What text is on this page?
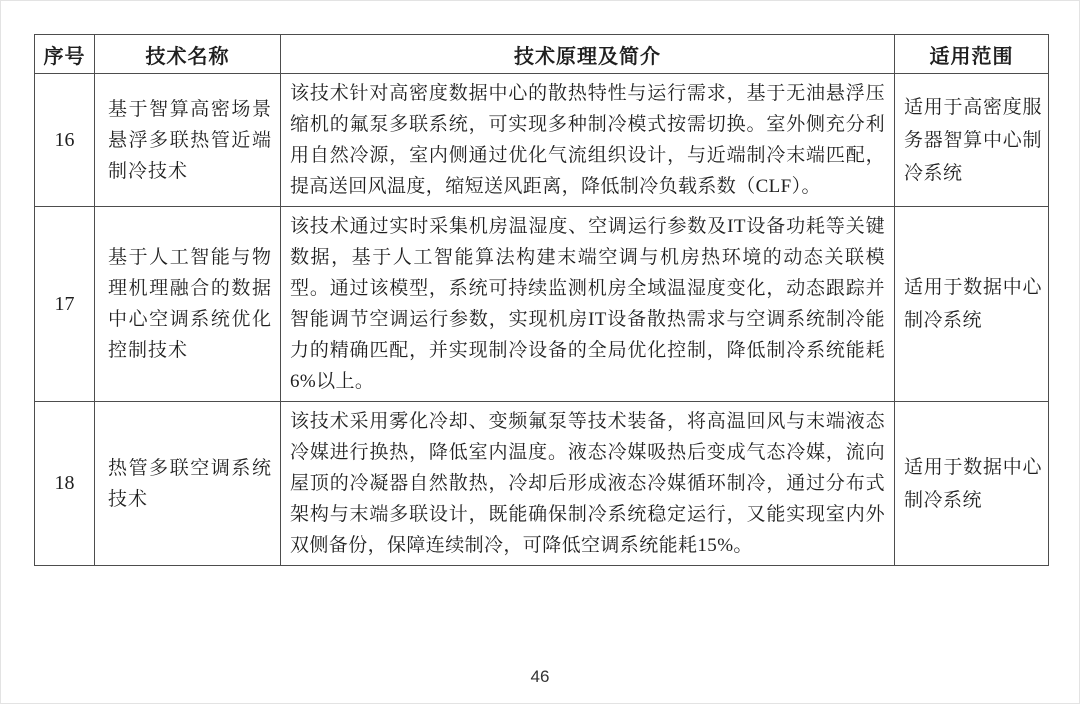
序号	技术名称	技术原理及简介	适用范围
16	基于智算高密场景悬浮多联热管近端制冷技术	该技术针对高密度数据中心的散热特性与运行需求，基于无油悬浮压缩机的氟泵多联系统，可实现多种制冷模式按需切换。室外侧充分利用自然冷源，室内侧通过优化气流组织设计，与近端制冷末端匹配，提高送回风温度，缩短送风距离，降低制冷负载系数（CLF）。	适用于高密度服务器智算中心制冷系统
17	基于人工智能与物理机理融合的数据中心空调系统优化控制技术	该技术通过实时采集机房温湿度、空调运行参数及IT设备功耗等关键数据，基于人工智能算法构建末端空调与机房热环境的动态关联模型。通过该模型，系统可持续监测机房全域温湿度变化，动态跟踪并智能调节空调运行参数，实现机房IT设备散热需求与空调系统制冷能力的精确匹配，并实现制冷设备的全局优化控制，降低制冷系统能耗6%以上。	适用于数据中心制冷系统
18	热管多联空调系统技术	该技术采用雾化冷却、变频氟泵等技术装备，将高温回风与末端液态冷媒进行换热，降低室内温度。液态冷媒吸热后变成气态冷媒，流向屋顶的冷凝器自然散热，冷却后形成液态冷媒循环制冷，通过分布式架构与末端多联设计，既能确保制冷系统稳定运行，又能实现室内外双侧备份，保障连续制冷，可降低空调系统能耗15%。	适用于数据中心制冷系统
46
